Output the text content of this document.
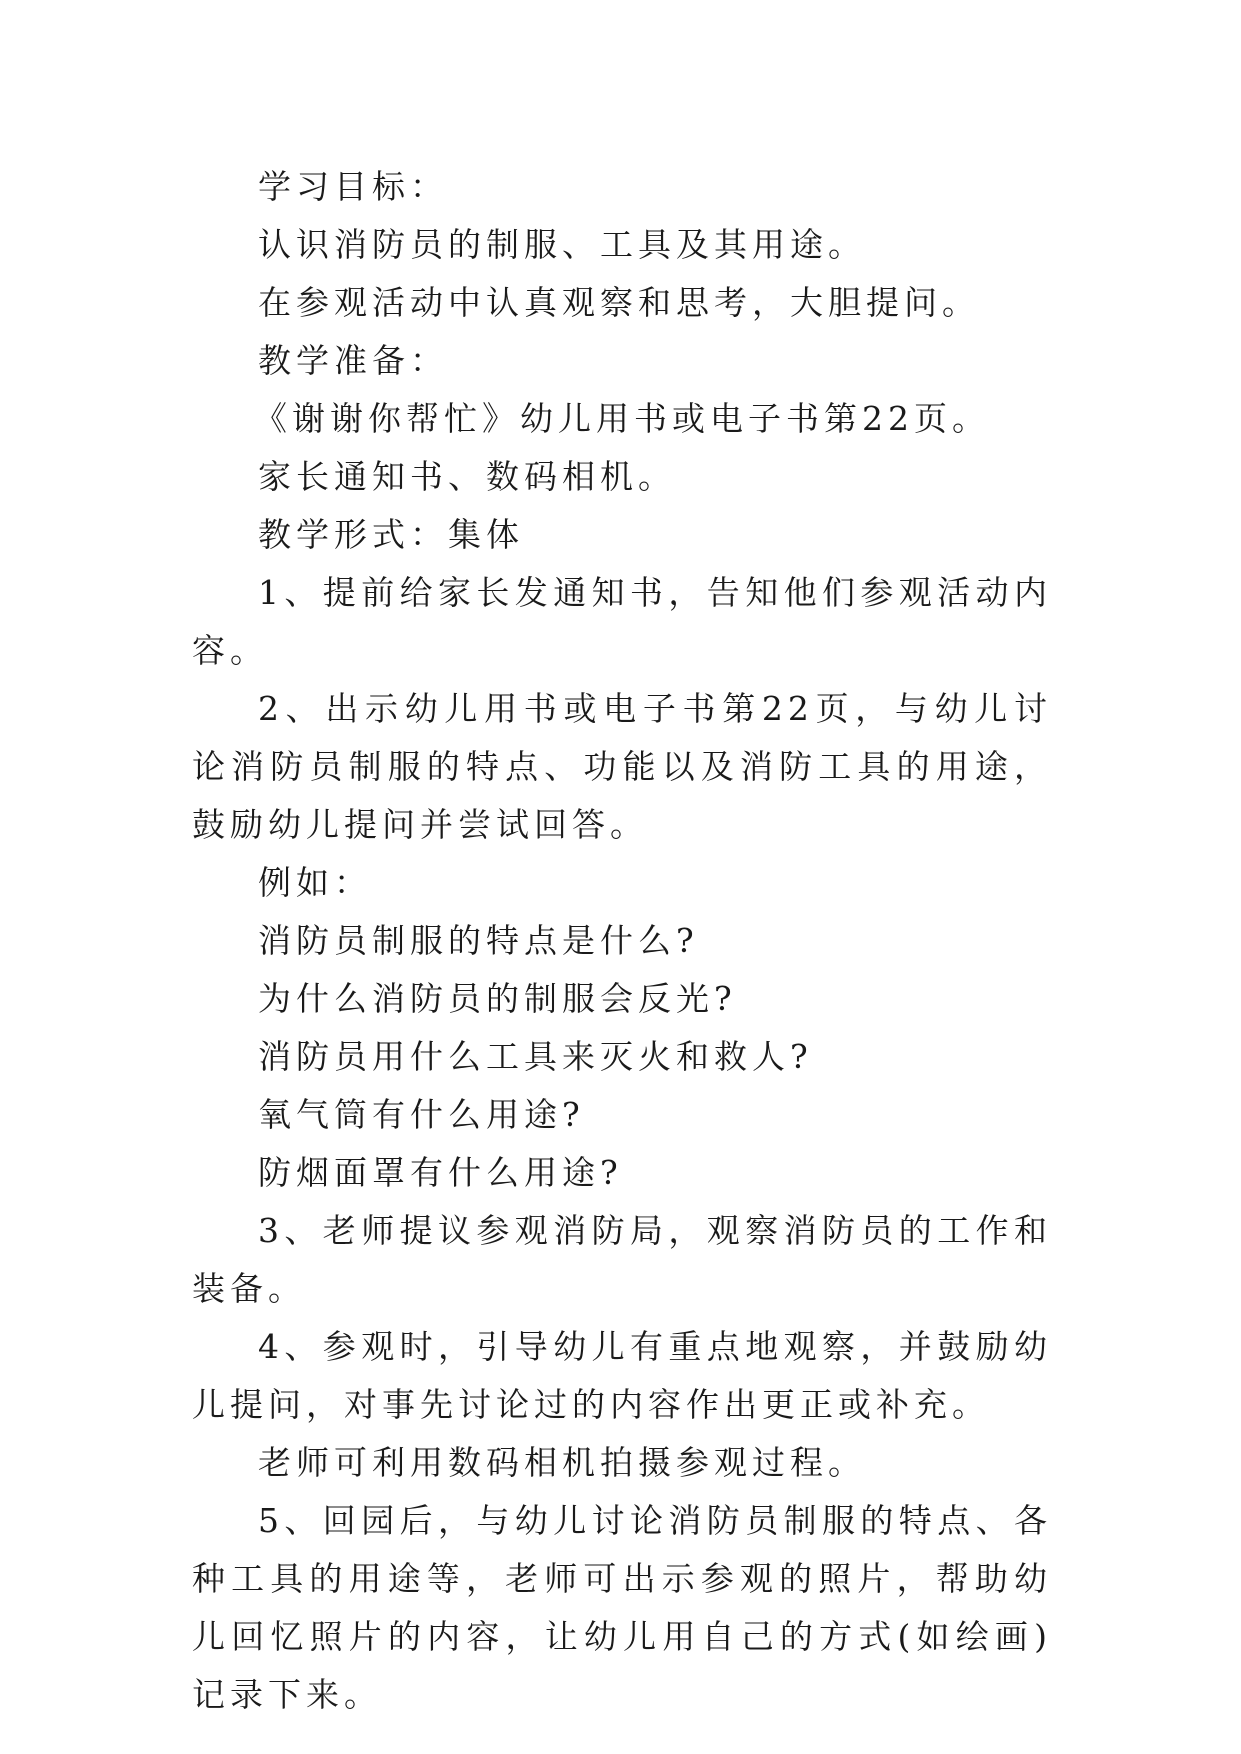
学习目标：

认识消防员的制服、工具及其用途。

在参观活动中认真观察和思考，大胆提问。

教学准备：

《谢谢你帮忙》幼儿用书或电子书第22页。

家长通知书、数码相机。

教学形式：集体

1、提前给家长发通知书，告知他们参观活动内容。

2、出示幼儿用书或电子书第22页，与幼儿讨论消防员制服的特点、功能以及消防工具的用途，鼓励幼儿提问并尝试回答。

例如：

消防员制服的特点是什么?

为什么消防员的制服会反光?

消防员用什么工具来灭火和救人?

氧气筒有什么用途?

防烟面罩有什么用途?

3、老师提议参观消防局，观察消防员的工作和装备。

4、参观时，引导幼儿有重点地观察，并鼓励幼儿提问，对事先讨论过的内容作出更正或补充。

老师可利用数码相机拍摄参观过程。

5、回园后，与幼儿讨论消防员制服的特点、各种工具的用途等，老师可出示参观的照片，帮助幼儿回忆照片的内容，让幼儿用自己的方式(如绘画)记录下来。
